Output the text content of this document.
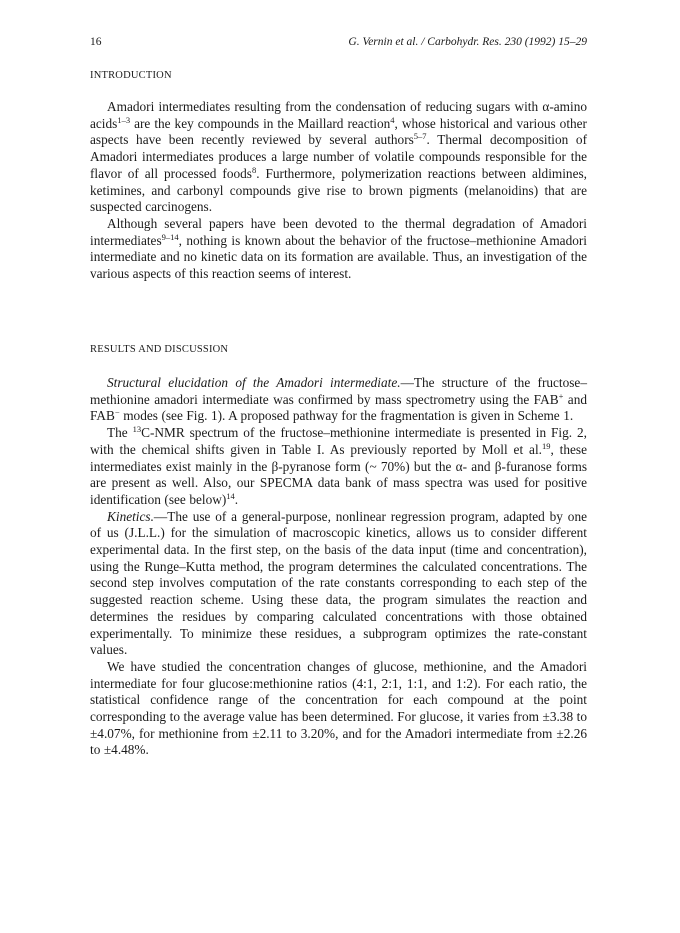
16	G. Vernin et al. / Carbohydr. Res. 230 (1992) 15–29
INTRODUCTION

Amadori intermediates resulting from the condensation of reducing sugars with α-amino acids$^{1-3}$ are the key compounds in the Maillard reaction$^4$, whose historical and various other aspects have been recently reviewed by several authors$^{5-7}$. Thermal decomposition of Amadori intermediates produces a large number of volatile compounds responsible for the flavor of all processed foods$^8$. Furthermore, polymerization reactions between aldimines, ketimines, and carbonyl compounds give rise to brown pigments (melanoidins) that are suspected carcinogens.

Although several papers have been devoted to the thermal degradation of Amadori intermediates$^{9-14}$, nothing is known about the behavior of the fructose–methionine Amadori intermediate and no kinetic data on its formation are available. Thus, an investigation of the various aspects of this reaction seems of interest.

RESULTS AND DISCUSSION

Structural elucidation of the Amadori intermediate.—The structure of the fructose–methionine amadori intermediate was confirmed by mass spectrometry using the FAB+ and FAB− modes (see Fig. 1). A proposed pathway for the fragmentation is given in Scheme 1.

The $^{13}$C-NMR spectrum of the fructose–methionine intermediate is presented in Fig. 2, with the chemical shifts given in Table I. As previously reported by Moll et al.$^{19}$, these intermediates exist mainly in the β-pyranose form (~ 70%) but the α- and β-furanose forms are present as well. Also, our SPECMA data bank of mass spectra was used for positive identification (see below)$^{14}$.

Kinetics.—The use of a general-purpose, nonlinear regression program, adapted by one of us (J.L.L.) for the simulation of macroscopic kinetics, allows us to consider different experimental data. In the first step, on the basis of the data input (time and concentration), using the Runge–Kutta method, the program determines the calculated concentrations. The second step involves computation of the rate constants corresponding to each step of the suggested reaction scheme. Using these data, the program simulates the reaction and determines the residues by comparing calculated concentrations with those obtained experimentally. To minimize these residues, a subprogram optimizes the rate-constant values.

We have studied the concentration changes of glucose, methionine, and the Amadori intermediate for four glucose:methionine ratios (4:1, 2:1, 1:1, and 1:2). For each ratio, the statistical confidence range of the concentration for each compound at the point corresponding to the average value has been determined. For glucose, it varies from ±3.38 to ±4.07%, for methionine from ±2.11 to 3.20%, and for the Amadori intermediate from ±2.26 to ±4.48%.
